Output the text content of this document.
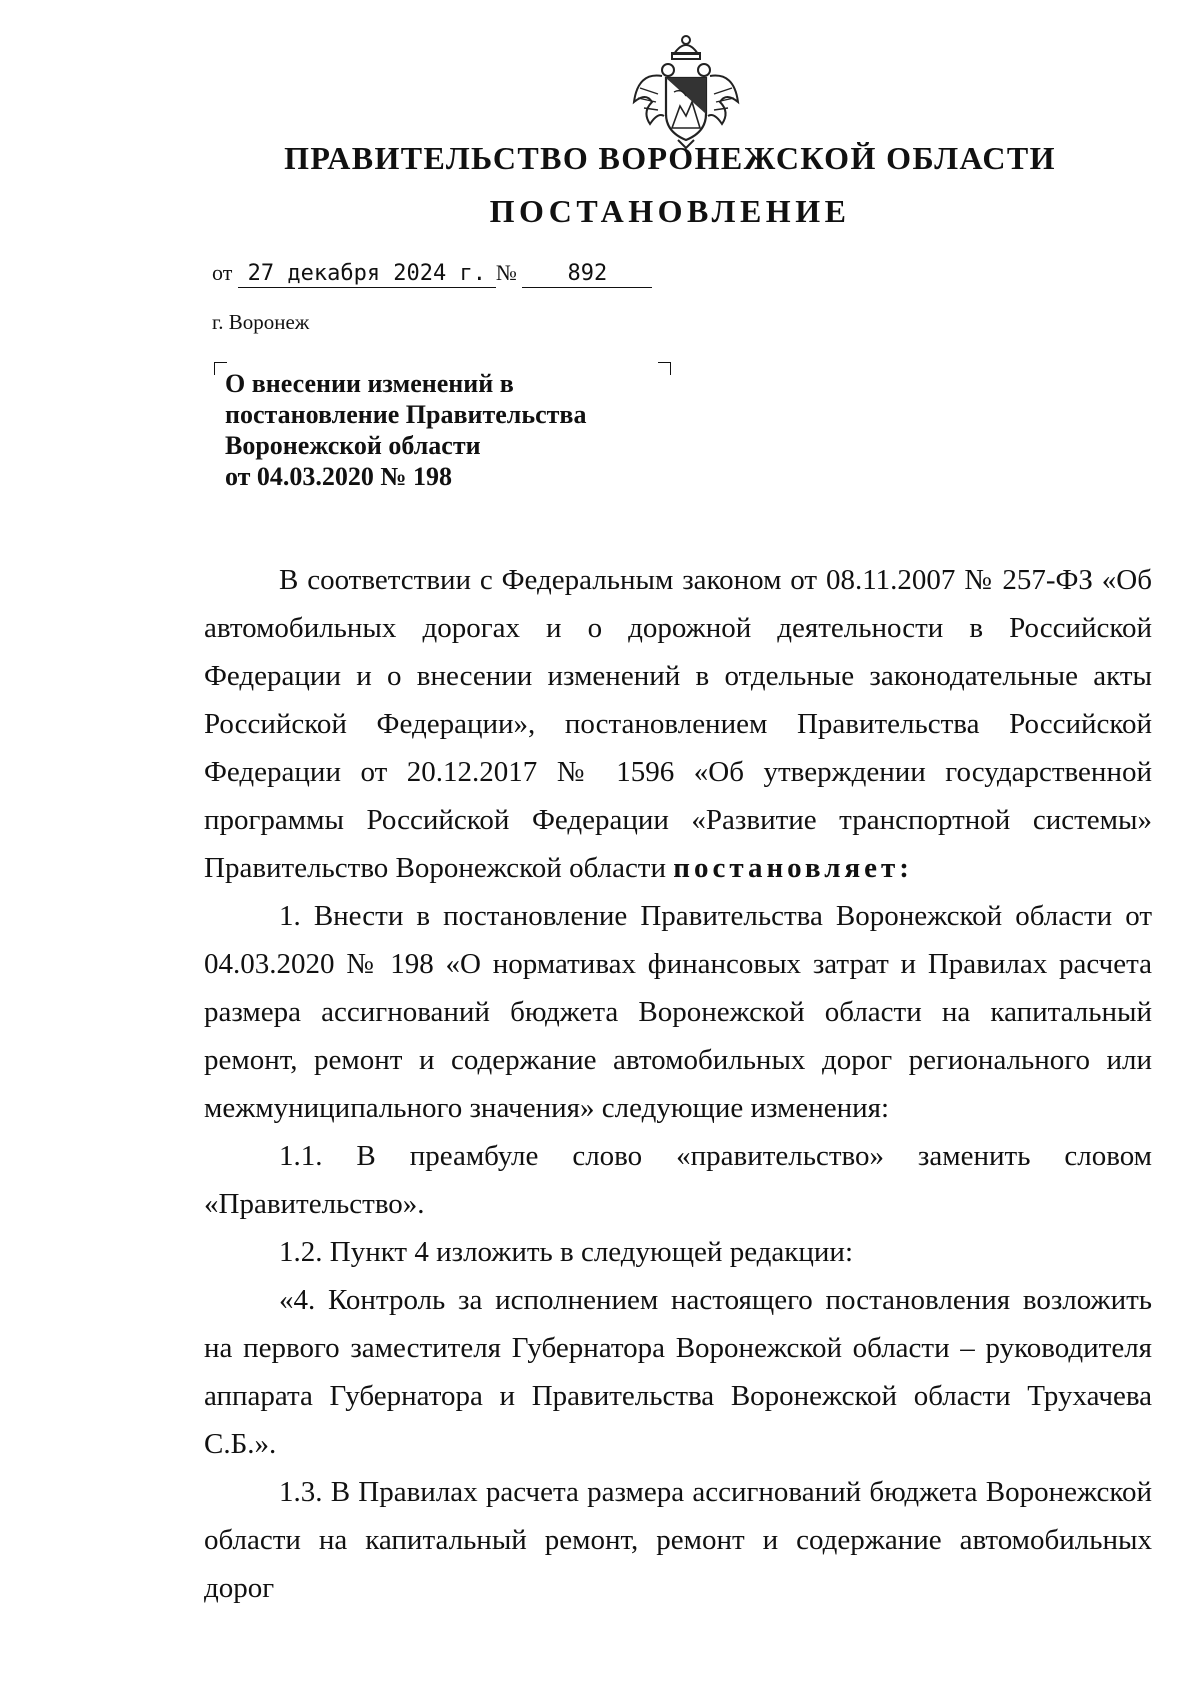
ПРАВИТЕЛЬСТВО ВОРОНЕЖСКОЙ ОБЛАСТИ
ПОСТАНОВЛЕНИЕ
от 27 декабря 2024 г. № 892
г. Воронеж
О внесении изменений в
постановление Правительства
Воронежской области
от 04.03.2020 № 198

В соответствии с Федеральным законом от 08.11.2007 № 257-ФЗ «Об автомобильных дорогах и о дорожной деятельности в Российской Федерации и о внесении изменений в отдельные законодательные акты Российской Федерации», постановлением Правительства Российской Федерации от 20.12.2017 № 1596 «Об утверждении государственной программы Российской Федерации «Развитие транспортной системы» Правительство Воронежской области постановляет:

1. Внести в постановление Правительства Воронежской области от 04.03.2020 № 198 «О нормативах финансовых затрат и Правилах расчета размера ассигнований бюджета Воронежской области на капитальный ремонт, ремонт и содержание автомобильных дорог регионального или межмуниципального значения» следующие изменения:

1.1. В преамбуле слово «правительство» заменить словом «Правительство».

1.2. Пункт 4 изложить в следующей редакции:

«4. Контроль за исполнением настоящего постановления возложить на первого заместителя Губернатора Воронежской области – руководителя аппарата Губернатора и Правительства Воронежской области Трухачева С.Б.».

1.3. В Правилах расчета размера ассигнований бюджета Воронежской области на капитальный ремонт, ремонт и содержание автомобильных дорог
